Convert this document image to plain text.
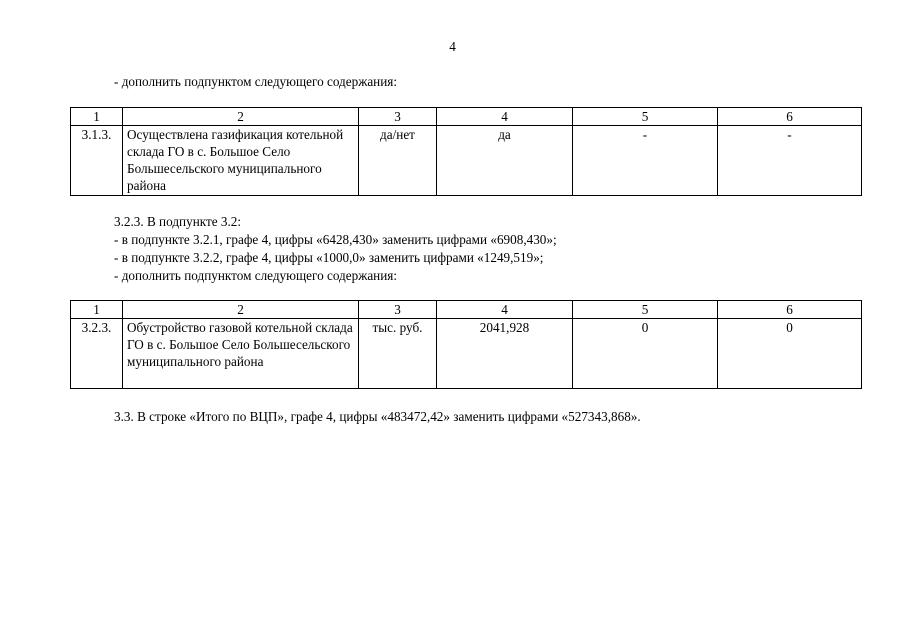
4
- дополнить подпунктом следующего содержания:
1	2	3	4	5	6
3.1.3.	Осуществлена газификация котельной склада ГО в с. Большое Село Большесельского муниципального района	да/нет	да	-	-
3.2.3. В подпункте 3.2:
- в подпункте 3.2.1, графе 4, цифры «6428,430» заменить цифрами «6908,430»;
- в подпункте 3.2.2, графе 4, цифры «1000,0» заменить цифрами «1249,519»;
- дополнить подпунктом следующего содержания:
1	2	3	4	5	6
3.2.3.	Обустройство газовой котельной склада ГО в с. Большое Село Большесельского муниципального района	тыс. руб.	2041,928	0	0
3.3. В строке «Итого по ВЦП», графе 4, цифры «483472,42» заменить цифрами «527343,868».
